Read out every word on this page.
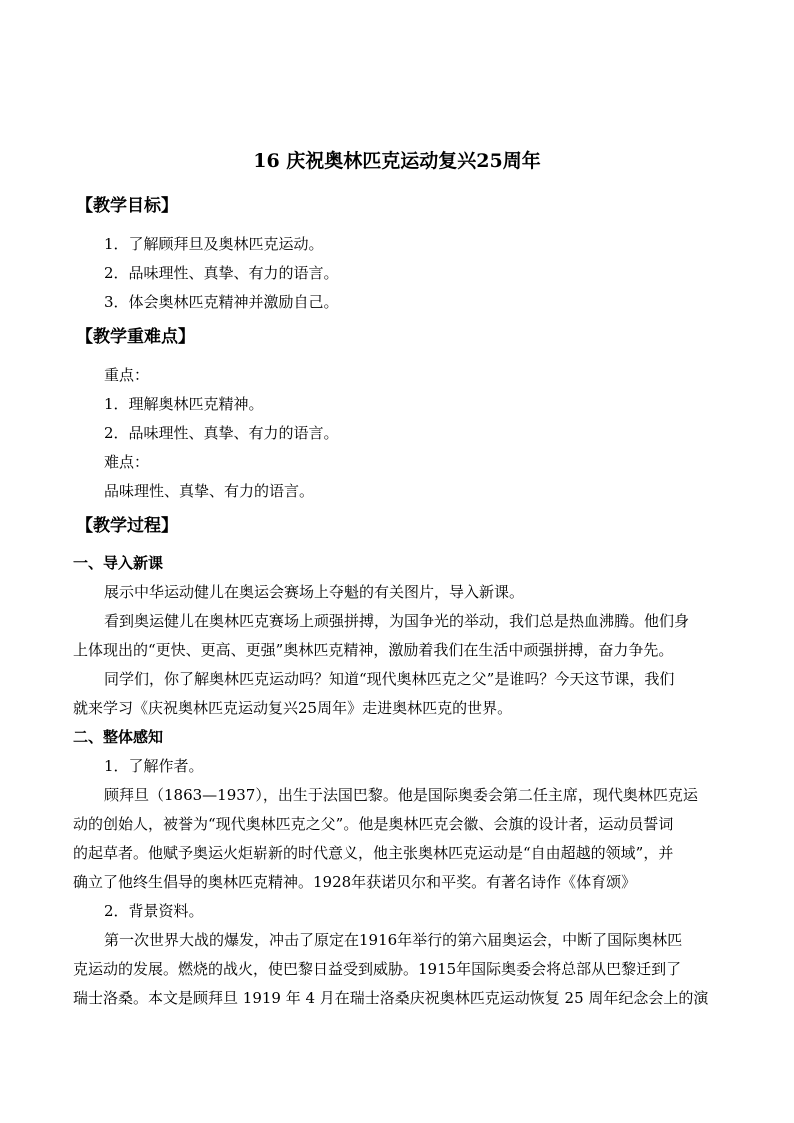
16 庆祝奥林匹克运动复兴25周年
【教学目标】
1．了解顾拜旦及奥林匹克运动。
2．品味理性、真挚、有力的语言。
3．体会奥林匹克精神并激励自己。
【教学重难点】
重点：
1．理解奥林匹克精神。
2．品味理性、真挚、有力的语言。
难点：
品味理性、真挚、有力的语言。
【教学过程】
一、导入新课
展示中华运动健儿在奥运会赛场上夺魁的有关图片，导入新课。
看到奥运健儿在奥林匹克赛场上顽强拼搏，为国争光的举动，我们总是热血沸腾。他们身
上体现出的“更快、更高、更强”奥林匹克精神，激励着我们在生活中顽强拼搏，奋力争先。
同学们，你了解奥林匹克运动吗？知道“现代奥林匹克之父”是谁吗？今天这节课，我们
就来学习《庆祝奥林匹克运动复兴25周年》走进奥林匹克的世界。
二、整体感知
1．了解作者。
顾拜旦（1863—1937），出生于法国巴黎。他是国际奥委会第二任主席，现代奥林匹克运
动的创始人，被誉为“现代奥林匹克之父”。他是奥林匹克会徽、会旗的设计者，运动员誓词
的起草者。他赋予奥运火炬崭新的时代意义，他主张奥林匹克运动是“自由超越的领域”，并
确立了他终生倡导的奥林匹克精神。1928年获诺贝尔和平奖。有著名诗作《体育颂》
2．背景资料。
第一次世界大战的爆发，冲击了原定在1916年举行的第六届奥运会，中断了国际奥林匹
克运动的发展。燃烧的战火，使巴黎日益受到威胁。1915年国际奥委会将总部从巴黎迁到了
瑞士洛桑。本文是顾拜旦 1919 年 4 月在瑞士洛桑庆祝奥林匹克运动恢复 25 周年纪念会上的演
